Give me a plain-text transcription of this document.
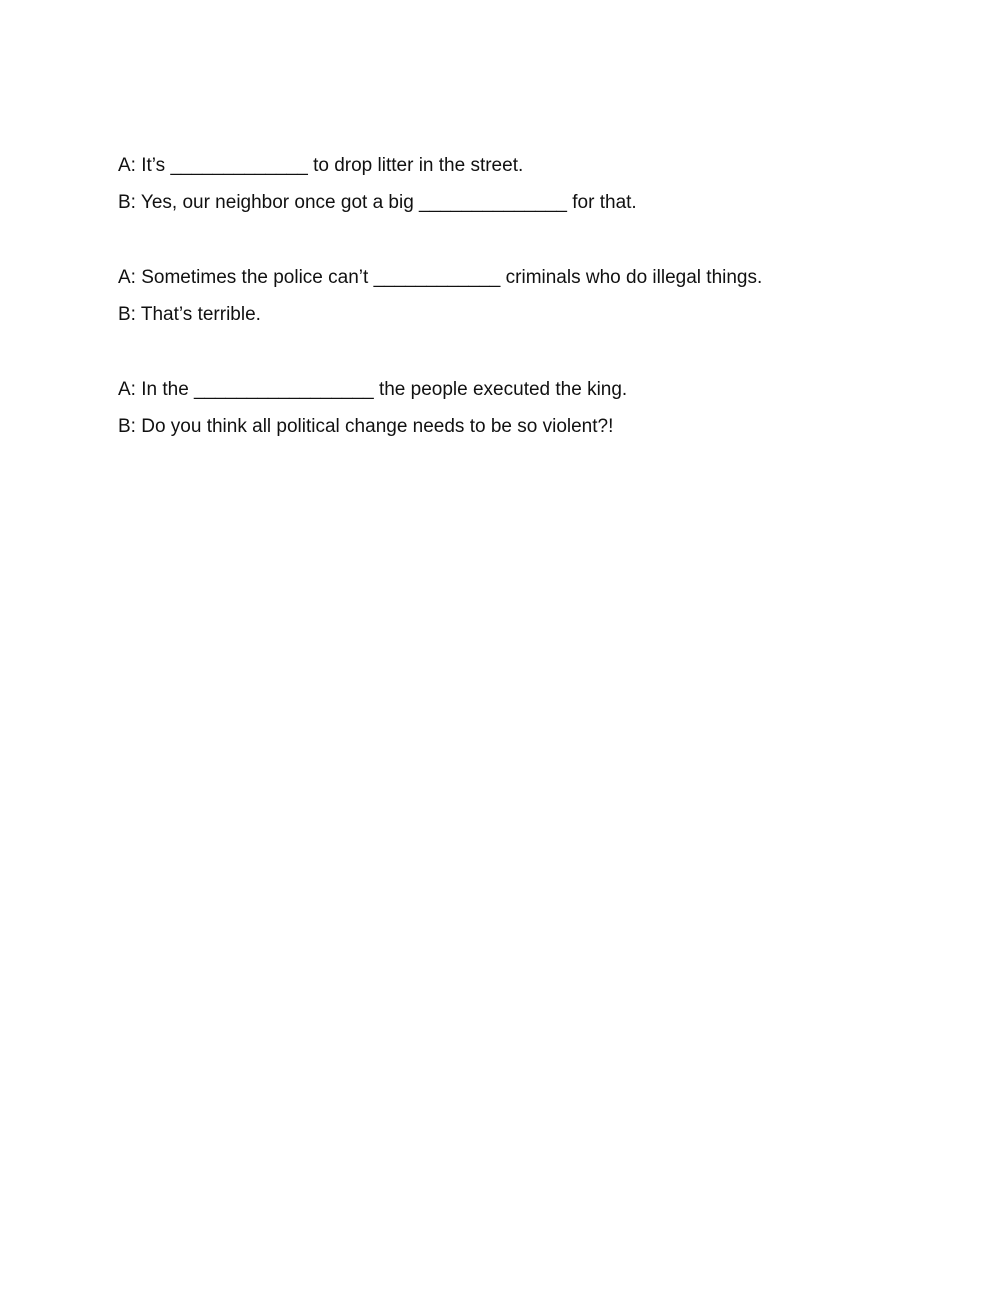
A: It’s _____________ to drop litter in the street.
B: Yes, our neighbor once got a big ______________ for that.
A: Sometimes the police can’t ____________ criminals who do illegal things.
B: That’s terrible.
A: In the _________________ the people executed the king.
B: Do you think all political change needs to be so violent?!
